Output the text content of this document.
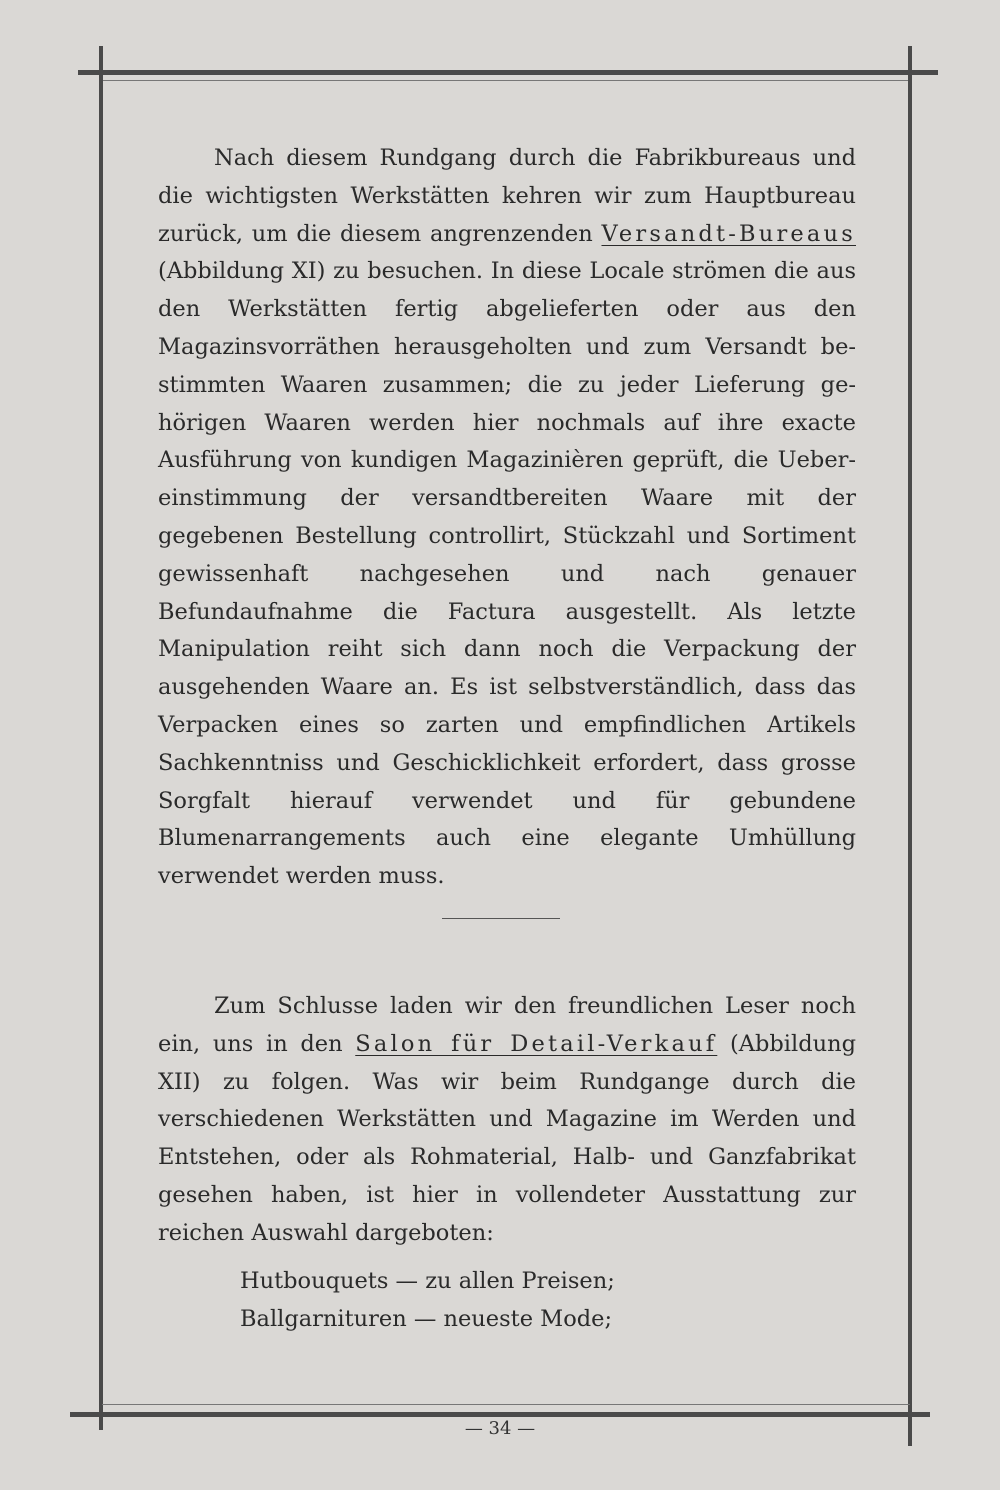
Nach diesem Rundgang durch die Fabrikbureaus und die wichtigsten Werkstätten kehren wir zum Hauptbureau zurück, um die diesem angrenzenden Versandt-Bureaus (Abbildung XI) zu besuchen. In diese Locale strömen die aus den Werkstätten fertig abgelieferten oder aus den Magazinsvorräthen herausgeholten und zum Versandt bestimmten Waaren zusammen; die zu jeder Lieferung gehörigen Waaren werden hier nochmals auf ihre exacte Ausführung von kundigen Magazinièren geprüft, die Uebereinstimmung der versandtbereiten Waare mit der gegebenen Bestellung controllirt, Stückzahl und Sortiment gewissenhaft nachgesehen und nach genauer Befundaufnahme die Factura ausgestellt. Als letzte Manipulation reiht sich dann noch die Verpackung der ausgehenden Waare an. Es ist selbstverständlich, dass das Verpacken eines so zarten und empfindlichen Artikels Sachkenntniss und Geschicklichkeit erfordert, dass grosse Sorgfalt hierauf verwendet und für gebundene Blumenarrangements auch eine elegante Umhüllung verwendet werden muss.

Zum Schlusse laden wir den freundlichen Leser noch ein, uns in den Salon für Detail-Verkauf (Abbildung XII) zu folgen. Was wir beim Rundgange durch die verschiedenen Werkstätten und Magazine im Werden und Entstehen, oder als Rohmaterial, Halb- und Ganzfabrikat gesehen haben, ist hier in vollendeter Ausstattung zur reichen Auswahl dargeboten:

Hutbouquets — zu allen Preisen;
Ballgarnituren — neueste Mode;
— 34 —
